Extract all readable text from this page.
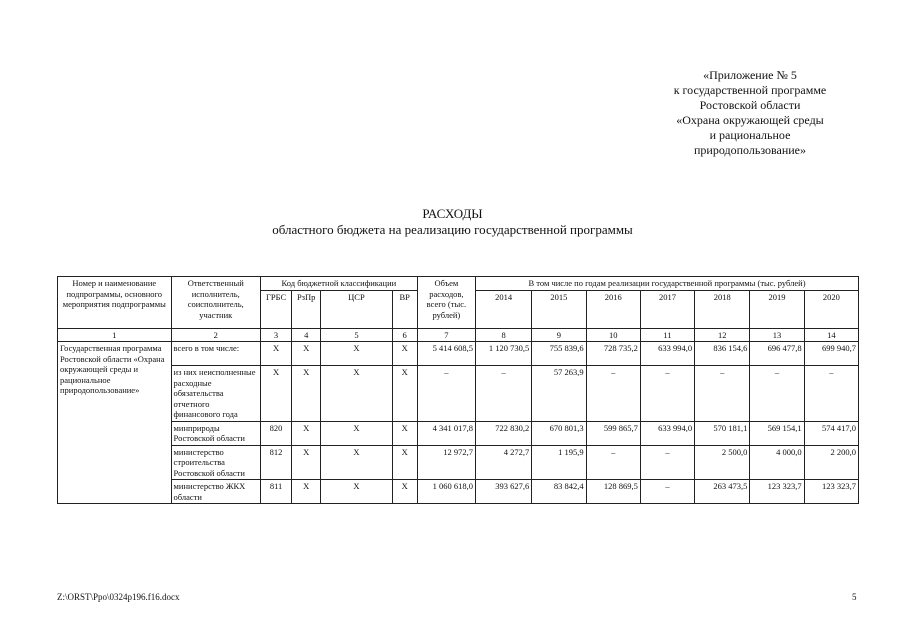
«Приложение № 5
к государственной программе
Ростовской области
«Охрана окружающей среды
и рациональное
природопользование»
РАСХОДЫ
областного бюджета на реализацию государственной программы
Номер и наименование подпрограммы, основного мероприятия подпрограммы	Ответственный исполнитель, соисполнитель, участник	Код бюджетной классификации				Объем расходов, всего (тыс. рублей)	В том числе по годам реализации государственной программы (тыс. рублей)						
		ГРБС	РзПр	ЦСР	ВР		2014	2015	2016	2017	2018	2019	2020
1	2	3	4	5	6	7	8	9	10	11	12	13	14
Государственная программа Ростовской области «Охрана окружающей среды и рациональное природопользование»	всего в том числе:	Х	Х	Х	Х	5 414 608,5	1 120 730,5	755 839,6	728 735,2	633 994,0	836 154,6	696 477,8	699 940,7
	из них неисполненные расходные обязательства отчетного финансового года	Х	Х	Х	Х	–	–	57 263,9	–	–	–	–	–
	минприроды Ростовской области	820	Х	Х	Х	4 341 017,8	722 830,2	670 801,3	599 865,7	633 994,0	570 181,1	569 154,1	574 417,0
	министерство строительства Ростовской области	812	Х	Х	Х	12 972,7	4 272,7	1 195,9	–	–	2 500,0	4 000,0	2 200,0
	министерство ЖКХ области	811	Х	Х	Х	1 060 618,0	393 627,6	83 842,4	128 869,5	–	263 473,5	123 323,7	123 323,7
Z:\ORST\Ppo\0324p196.f16.docx	5
